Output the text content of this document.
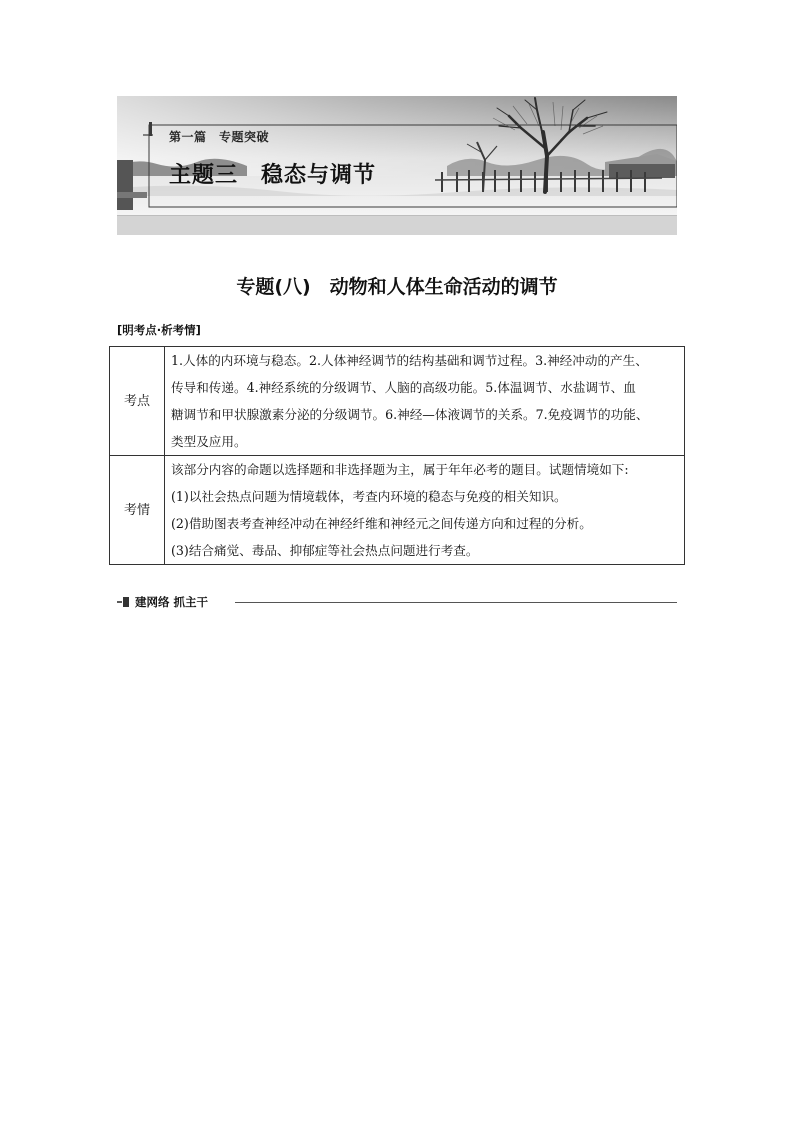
第一篇　专题突破
主题三　稳态与调节
专题(八)　动物和人体生命活动的调节
[明考点·析考情]
考点	1.人体的内环境与稳态。2.人体神经调节的结构基础和调节过程。3.神经冲动的产生、

传导和传递。4.神经系统的分级调节、人脑的高级功能。5.体温调节、水盐调节、血

糖调节和甲状腺激素分泌的分级调节。6.神经—体液调节的关系。7.免疫调节的功能、

类型及应用。

考情	该部分内容的命题以选择题和非选择题为主，属于年年必考的题目。试题情境如下:

(1)以社会热点问题为情境载体，考查内环境的稳态与免疫的相关知识。

(2)借助图表考查神经冲动在神经纤维和神经元之间传递方向和过程的分析。

(3)结合痛觉、毒品、抑郁症等社会热点问题进行考查。

建网络 抓主干
